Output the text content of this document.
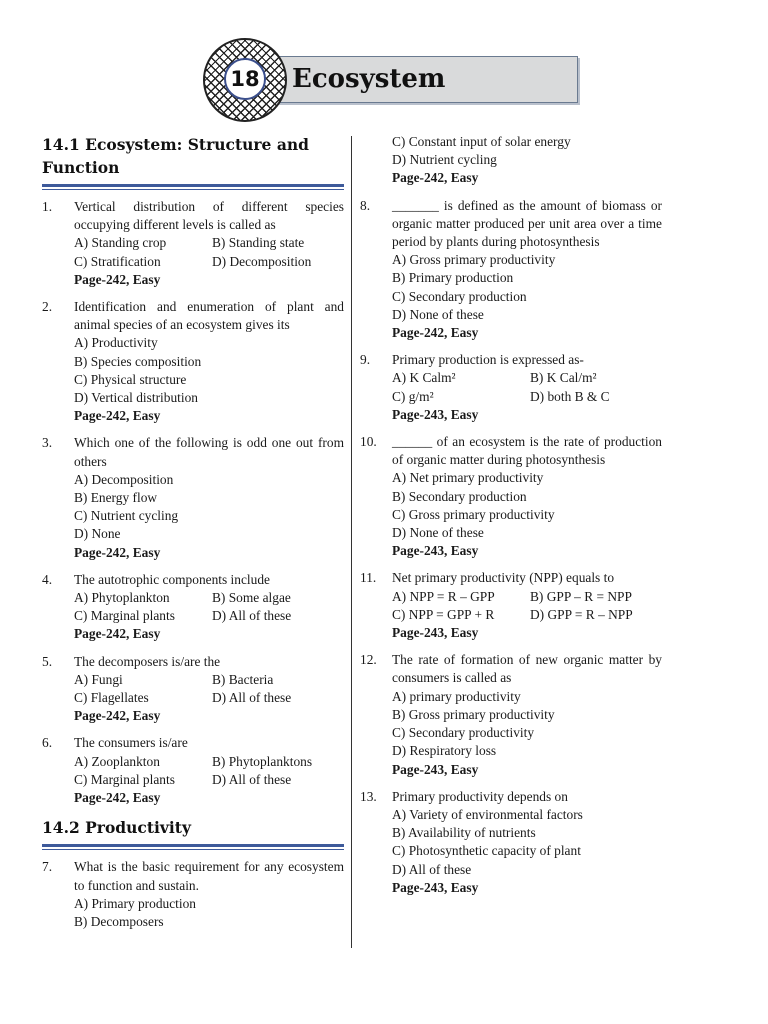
18 Ecosystem
14.1 Ecosystem: Structure and Function
1.	Vertical distribution of different species occupying different levels is called as
A) Standing crop	B) Standing state
C) Stratification	D) Decomposition
Page-242, Easy
2.	Identification and enumeration of plant and animal species of an ecosystem gives its
A) Productivity
B) Species composition
C) Physical structure
D) Vertical distribution
Page-242, Easy
3.	Which one of the following is odd one out from others
A) Decomposition
B) Energy flow
C) Nutrient cycling
D) None
Page-242, Easy
4.	The autotrophic components include
A) Phytoplankton	B) Some algae
C) Marginal plants	D) All of these
Page-242, Easy
5.	The decomposers is/are the
A) Fungi	B) Bacteria
C) Flagellates	D) All of these
Page-242, Easy
6.	The consumers is/are
A) Zooplankton	B) Phytoplanktons
C) Marginal plants	D) All of these
Page-242, Easy
14.2 Productivity
7.	What is the basic requirement for any ecosystem to function and sustain.
A) Primary production
B) Decomposers
C) Constant input of solar energy
D) Nutrient cycling
Page-242, Easy
8.	_______ is defined as the amount of biomass or organic matter produced per unit area over a time period by plants during photosynthesis
A) Gross primary productivity
B) Primary production
C) Secondary production
D) None of these
Page-242, Easy
9.	Primary production is expressed as-
A) K Calm²	B) K Cal/m²
C) g/m²	D) both B & C
Page-243, Easy
10.	______ of an ecosystem is the rate of production of organic matter during photosynthesis
A) Net primary productivity
B) Secondary production
C) Gross primary productivity
D) None of these
Page-243, Easy
11.	Net primary productivity (NPP) equals to
A) NPP = R – GPP	B) GPP – R = NPP
C) NPP = GPP + R	D) GPP = R – NPP
Page-243, Easy
12.	The rate of formation of new organic matter by consumers is called as
A) primary productivity
B) Gross primary productivity
C) Secondary productivity
D) Respiratory loss
Page-243, Easy
13.	Primary productivity depends on
A) Variety of environmental factors
B) Availability of nutrients
C) Photosynthetic capacity of plant
D) All of these
Page-243, Easy
